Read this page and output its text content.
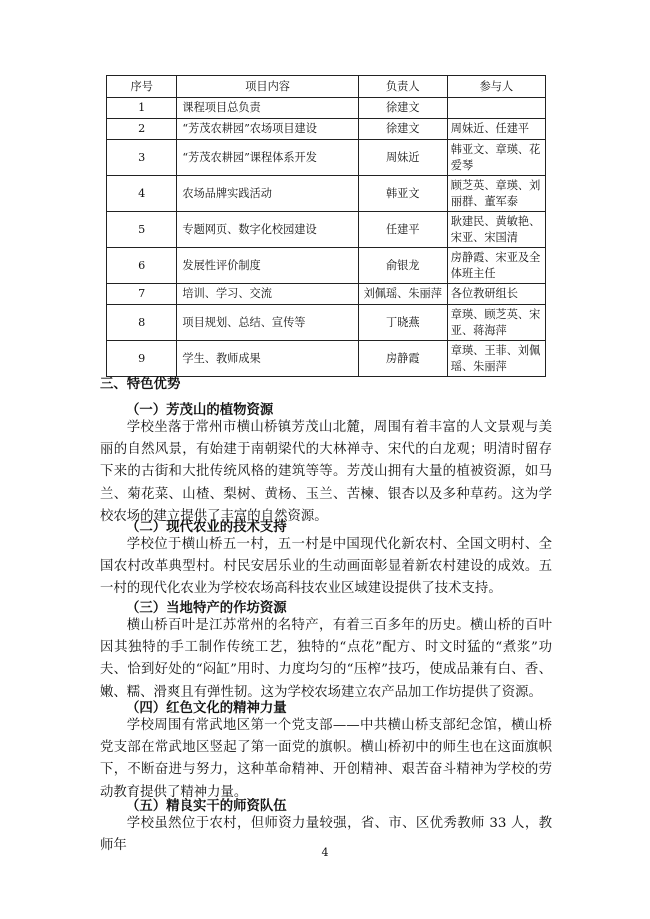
序号	项目内容	负责人	参与人
1	课程项目总负责	徐建文	
2	“芳茂农耕园”农场项目建设	徐建文	周妹近、任建平
3	“芳茂农耕园”课程体系开发	周妹近	韩亚文、章瑛、花爱琴
4	农场品牌实践活动	韩亚文	顾芝英、章瑛、刘丽群、董军泰
5	专题网页、数字化校园建设	任建平	耿建民、黄敏艳、宋亚、宋国清
6	发展性评价制度	俞银龙	房静霞、宋亚及全体班主任
7	培训、学习、交流	刘佩瑶、朱丽萍	各位教研组长
8	项目规划、总结、宣传等	丁晓燕	章瑛、顾芝英、宋亚、蒋海萍
9	学生、教师成果	房静霞	章瑛、王菲、刘佩瑶、朱丽萍
三、特色优势
（一）芳茂山的植物资源
学校坐落于常州市横山桥镇芳茂山北麓，周围有着丰富的人文景观与美丽的自然风景，有始建于南朝梁代的大林禅寺、宋代的白龙观；明清时留存下来的古街和大批传统风格的建筑等等。芳茂山拥有大量的植被资源，如马兰、菊花菜、山楂、梨树、黄杨、玉兰、苦楝、银杏以及多种草药。这为学校农场的建立提供了丰富的自然资源。
（二）现代农业的技术支持
学校位于横山桥五一村，五一村是中国现代化新农村、全国文明村、全国农村改革典型村。村民安居乐业的生动画面彰显着新农村建设的成效。五一村的现代化农业为学校农场高科技农业区域建设提供了技术支持。
（三）当地特产的作坊资源
横山桥百叶是江苏常州的名特产，有着三百多年的历史。横山桥的百叶因其独特的手工制作传统工艺，独特的“点花”配方、时文时猛的“煮浆”功夫、恰到好处的“闷缸”用时、力度均匀的“压榨”技巧，使成品兼有白、香、嫩、糯、滑爽且有弹性韧。这为学校农场建立农产品加工作坊提供了资源。
（四）红色文化的精神力量
学校周围有常武地区第一个党支部——中共横山桥支部纪念馆，横山桥党支部在常武地区竖起了第一面党的旗帜。横山桥初中的师生也在这面旗帜下，不断奋进与努力，这种革命精神、开创精神、艰苦奋斗精神为学校的劳动教育提供了精神力量。
（五）精良实干的师资队伍
学校虽然位于农村，但师资力量较强，省、市、区优秀教师 33 人，教师年	4
